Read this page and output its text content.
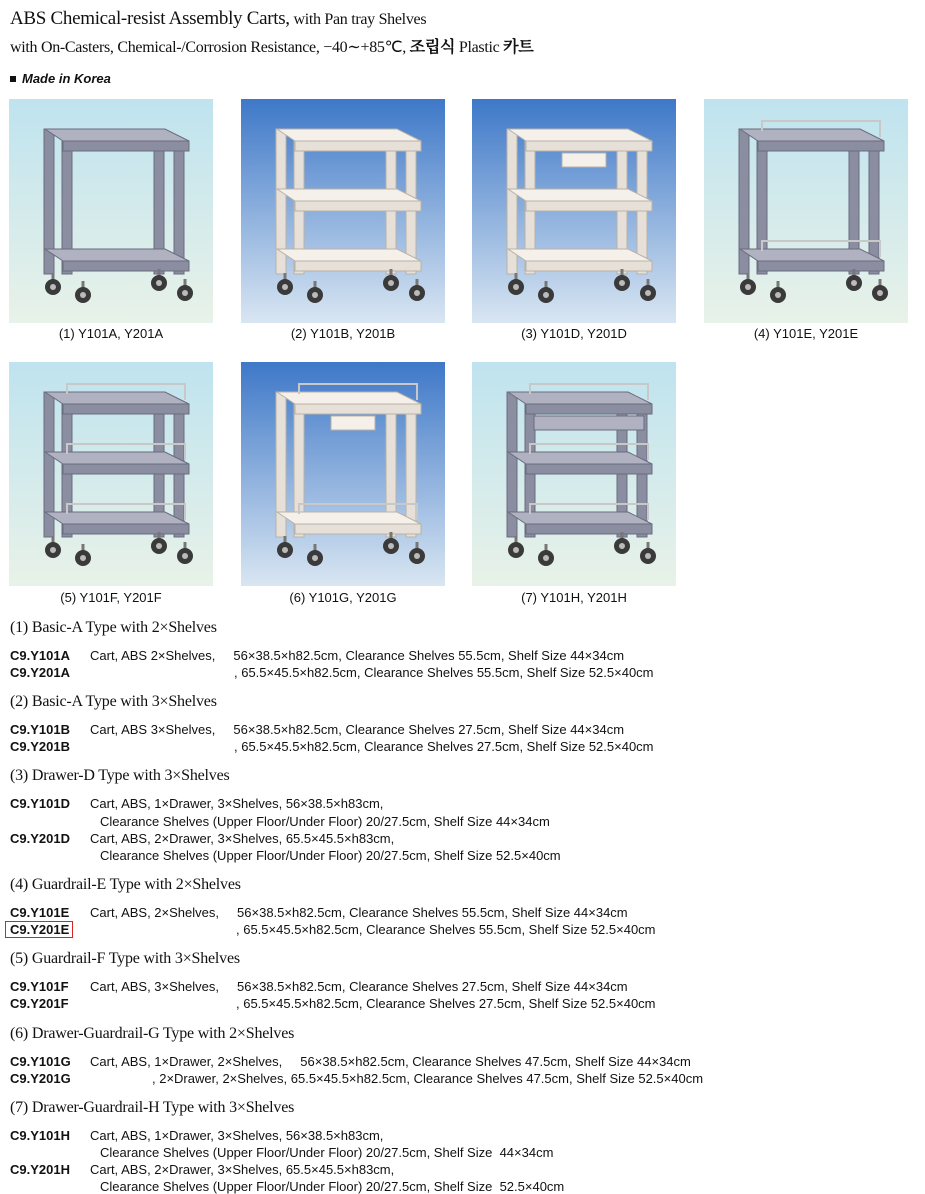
ABS Chemical-resist Assembly Carts, with Pan tray Shelves
with On-Casters, Chemical-/Corrosion Resistance, −40∼+85℃, 조립식 Plastic 카트
Made in Korea
(1) Y101A, Y201A	(2) Y101B, Y201B	(3) Y101D, Y201D	(4) Y101E, Y201E
(5) Y101F, Y201F	(6) Y101G, Y201G	(7) Y101H, Y201H
(1) Basic-A Type with 2×Shelves
C9.Y101A Cart, ABS 2×Shelves,     56×38.5×h82.5cm, Clearance Shelves 55.5cm, Shelf Size 44×34cm
C9.Y201A	, 65.5×45.5×h82.5cm, Clearance Shelves 55.5cm, Shelf Size 52.5×40cm
(2) Basic-A Type with 3×Shelves
C9.Y101B Cart, ABS 3×Shelves,     56×38.5×h82.5cm, Clearance Shelves 27.5cm, Shelf Size 44×34cm
C9.Y201B	, 65.5×45.5×h82.5cm, Clearance Shelves 27.5cm, Shelf Size 52.5×40cm
(3) Drawer-D Type with 3×Shelves
C9.Y101D Cart, ABS, 1×Drawer, 3×Shelves, 56×38.5×h83cm,
Clearance Shelves (Upper Floor/Under Floor) 20/27.5cm, Shelf Size 44×34cm
C9.Y201D Cart, ABS, 2×Drawer, 3×Shelves, 65.5×45.5×h83cm,
Clearance Shelves (Upper Floor/Under Floor) 20/27.5cm, Shelf Size 52.5×40cm
(4) Guardrail-E Type with 2×Shelves
C9.Y101E Cart, ABS, 2×Shelves,     56×38.5×h82.5cm, Clearance Shelves 55.5cm, Shelf Size 44×34cm
C9.Y201E	, 65.5×45.5×h82.5cm, Clearance Shelves 55.5cm, Shelf Size 52.5×40cm
(5) Guardrail-F Type with 3×Shelves
C9.Y101F Cart, ABS, 3×Shelves,     56×38.5×h82.5cm, Clearance Shelves 27.5cm, Shelf Size 44×34cm
C9.Y201F	, 65.5×45.5×h82.5cm, Clearance Shelves 27.5cm, Shelf Size 52.5×40cm
(6) Drawer-Guardrail-G Type with 2×Shelves
C9.Y101G Cart, ABS, 1×Drawer, 2×Shelves,     56×38.5×h82.5cm, Clearance Shelves 47.5cm, Shelf Size 44×34cm
C9.Y201G	, 2×Drawer, 2×Shelves, 65.5×45.5×h82.5cm, Clearance Shelves 47.5cm, Shelf Size 52.5×40cm
(7) Drawer-Guardrail-H Type with 3×Shelves
C9.Y101H Cart, ABS, 1×Drawer, 3×Shelves, 56×38.5×h83cm,
Clearance Shelves (Upper Floor/Under Floor) 20/27.5cm, Shelf Size  44×34cm
C9.Y201H Cart, ABS, 2×Drawer, 3×Shelves, 65.5×45.5×h83cm,
Clearance Shelves (Upper Floor/Under Floor) 20/27.5cm, Shelf Size  52.5×40cm
